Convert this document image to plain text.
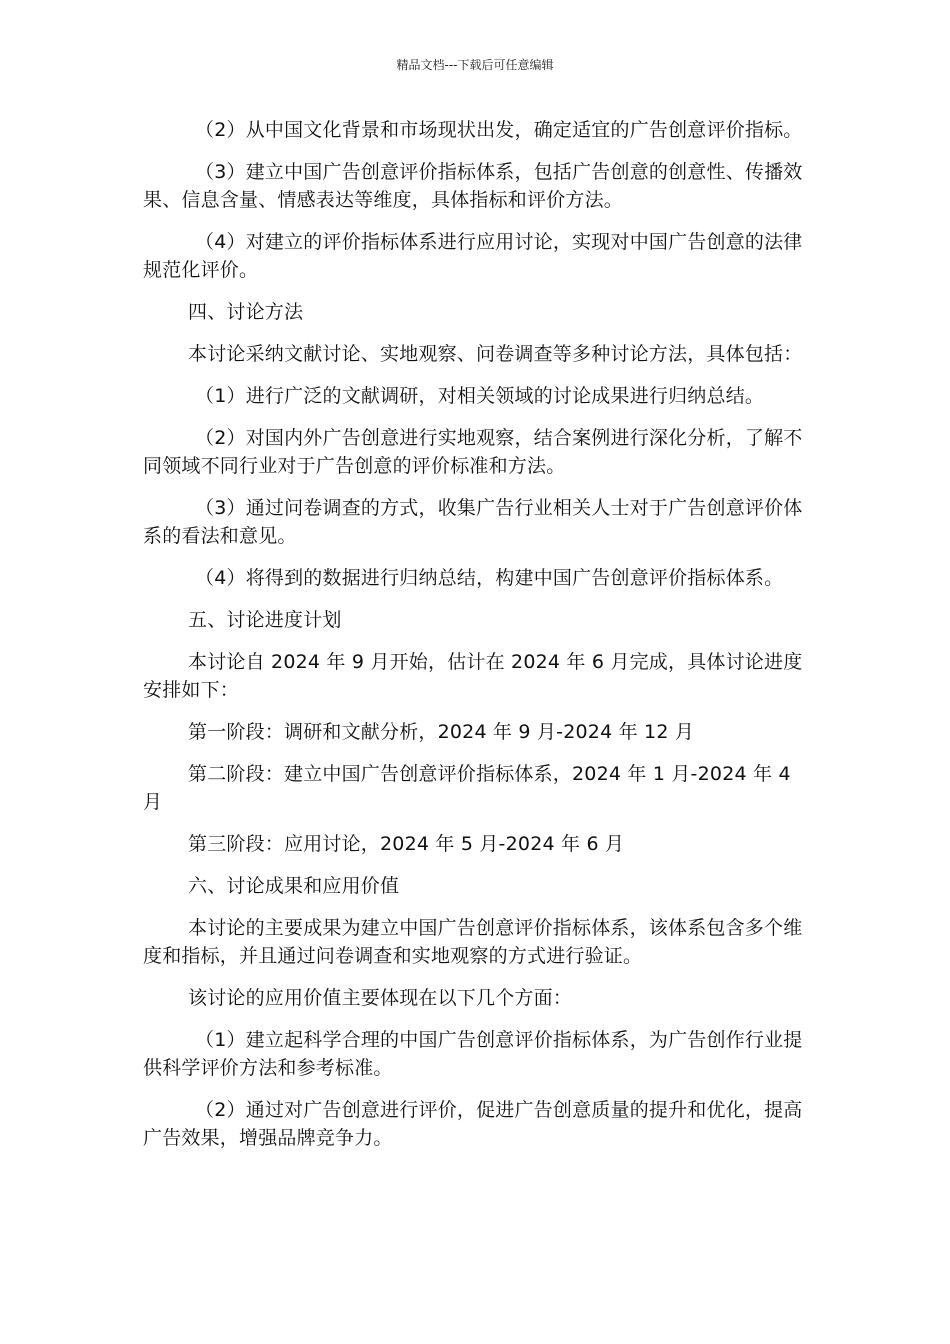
精品文档---下载后可任意编辑

（2）从中国文化背景和市场现状出发，确定适宜的广告创意评价指标。

（3）建立中国广告创意评价指标体系，包括广告创意的创意性、传播效果、信息含量、情感表达等维度，具体指标和评价方法。

（4）对建立的评价指标体系进行应用讨论，实现对中国广告创意的法律规范化评价。

四、讨论方法

本讨论采纳文献讨论、实地观察、问卷调查等多种讨论方法，具体包括：

（1）进行广泛的文献调研，对相关领域的讨论成果进行归纳总结。

（2）对国内外广告创意进行实地观察，结合案例进行深化分析，了解不同领域不同行业对于广告创意的评价标准和方法。

（3）通过问卷调查的方式，收集广告行业相关人士对于广告创意评价体系的看法和意见。

（4）将得到的数据进行归纳总结，构建中国广告创意评价指标体系。

五、讨论进度计划

本讨论自 2024 年 9 月开始，估计在 2024 年 6 月完成，具体讨论进度安排如下：

第一阶段：调研和文献分析，2024 年 9 月-2024 年 12 月

第二阶段：建立中国广告创意评价指标体系，2024 年 1 月-2024 年 4 月

第三阶段：应用讨论，2024 年 5 月-2024 年 6 月

六、讨论成果和应用价值

本讨论的主要成果为建立中国广告创意评价指标体系，该体系包含多个维度和指标，并且通过问卷调查和实地观察的方式进行验证。

该讨论的应用价值主要体现在以下几个方面：

（1）建立起科学合理的中国广告创意评价指标体系，为广告创作行业提供科学评价方法和参考标准。

（2）通过对广告创意进行评价，促进广告创意质量的提升和优化，提高广告效果，增强品牌竞争力。
